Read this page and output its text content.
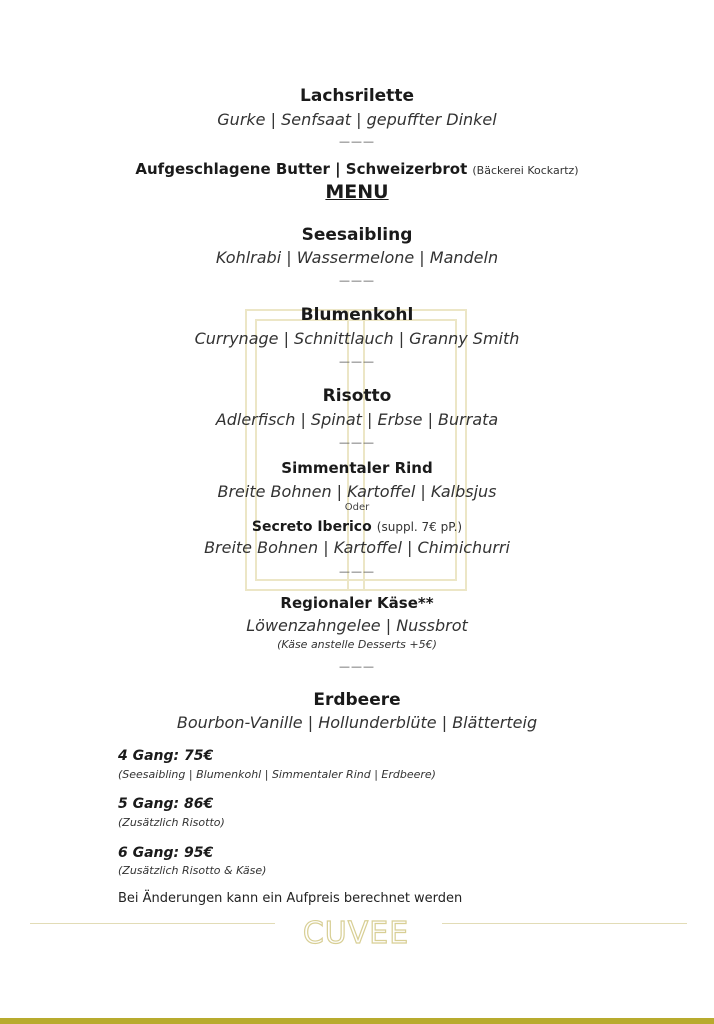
Lachsrilette
Gurke | Senfsaat | gepuffter Dinkel
———
Aufgeschlagene Butter | Schweizerbrot (Bäckerei Kockartz)
MENU
Seesaibling
Kohlrabi | Wassermelone | Mandeln
———
Blumenkohl
Currynage | Schnittlauch | Granny Smith
———
Risotto
Adlerfisch | Spinat | Erbse | Burrata
———
Simmentaler Rind
Breite Bohnen | Kartoffel | Kalbsjus
Oder
Secreto Iberico (suppl. 7€ pP.)
Breite Bohnen | Kartoffel | Chimichurri
———
Regionaler Käse**
Löwenzahngelee | Nussbrot
(Käse anstelle Desserts +5€)
———
Erdbeere
Bourbon-Vanille | Hollunderblüte | Blätterteig
4 Gang: 75€
(Seesaibling | Blumenkohl | Simmentaler Rind | Erdbeere)
5 Gang: 86€
(Zusätzlich Risotto)
6 Gang: 95€
(Zusätzlich Risotto & Käse)
Bei Änderungen kann ein Aufpreis berechnet werden
CUVEE
